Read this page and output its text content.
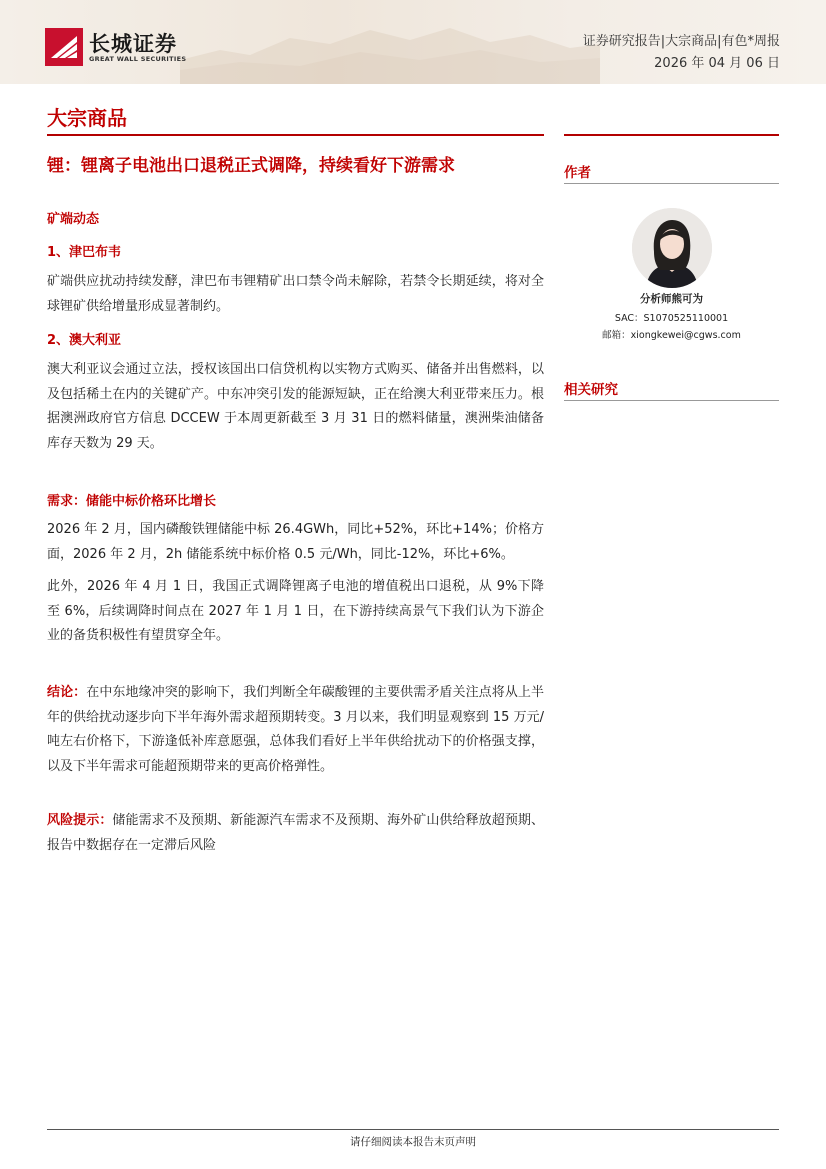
长城证券
GREAT WALL SECURITIES
证券研究报告|大宗商品|有色*周报
2026 年 04 月 06 日
大宗商品
锂：锂离子电池出口退税正式调降，持续看好下游需求
矿端动态
1、津巴布韦
矿端供应扰动持续发酵，津巴布韦锂精矿出口禁令尚未解除，若禁令长期延续，将对全球锂矿供给增量形成显著制约。
2、澳大利亚
澳大利亚议会通过立法，授权该国出口信贷机构以实物方式购买、储备并出售燃料，以及包括稀土在内的关键矿产。中东冲突引发的能源短缺，正在给澳大利亚带来压力。根据澳洲政府官方信息 DCCEW 于本周更新截至 3 月 31 日的燃料储量，澳洲柴油储备库存天数为 29 天。
需求：储能中标价格环比增长
2026 年 2 月，国内磷酸铁锂储能中标 26.4GWh，同比+52%，环比+14%；价格方面，2026 年 2 月，2h 储能系统中标价格 0.5 元/Wh，同比-12%，环比+6%。
此外，2026 年 4 月 1 日，我国正式调降锂离子电池的增值税出口退税，从 9%下降至 6%，后续调降时间点在 2027 年 1 月 1 日，在下游持续高景气下我们认为下游企业的备货积极性有望贯穿全年。
结论：在中东地缘冲突的影响下，我们判断全年碳酸锂的主要供需矛盾关注点将从上半年的供给扰动逐步向下半年海外需求超预期转变。3 月以来，我们明显观察到 15 万元/吨左右价格下，下游逢低补库意愿强，总体我们看好上半年供给扰动下的价格强支撑，以及下半年需求可能超预期带来的更高价格弹性。
风险提示：储能需求不及预期、新能源汽车需求不及预期、海外矿山供给释放超预期、报告中数据存在一定滞后风险
作者
分析师熊可为
SAC：S1070525110001
邮箱：xiongkewei@cgws.com
相关研究
请仔细阅读本报告末页声明
